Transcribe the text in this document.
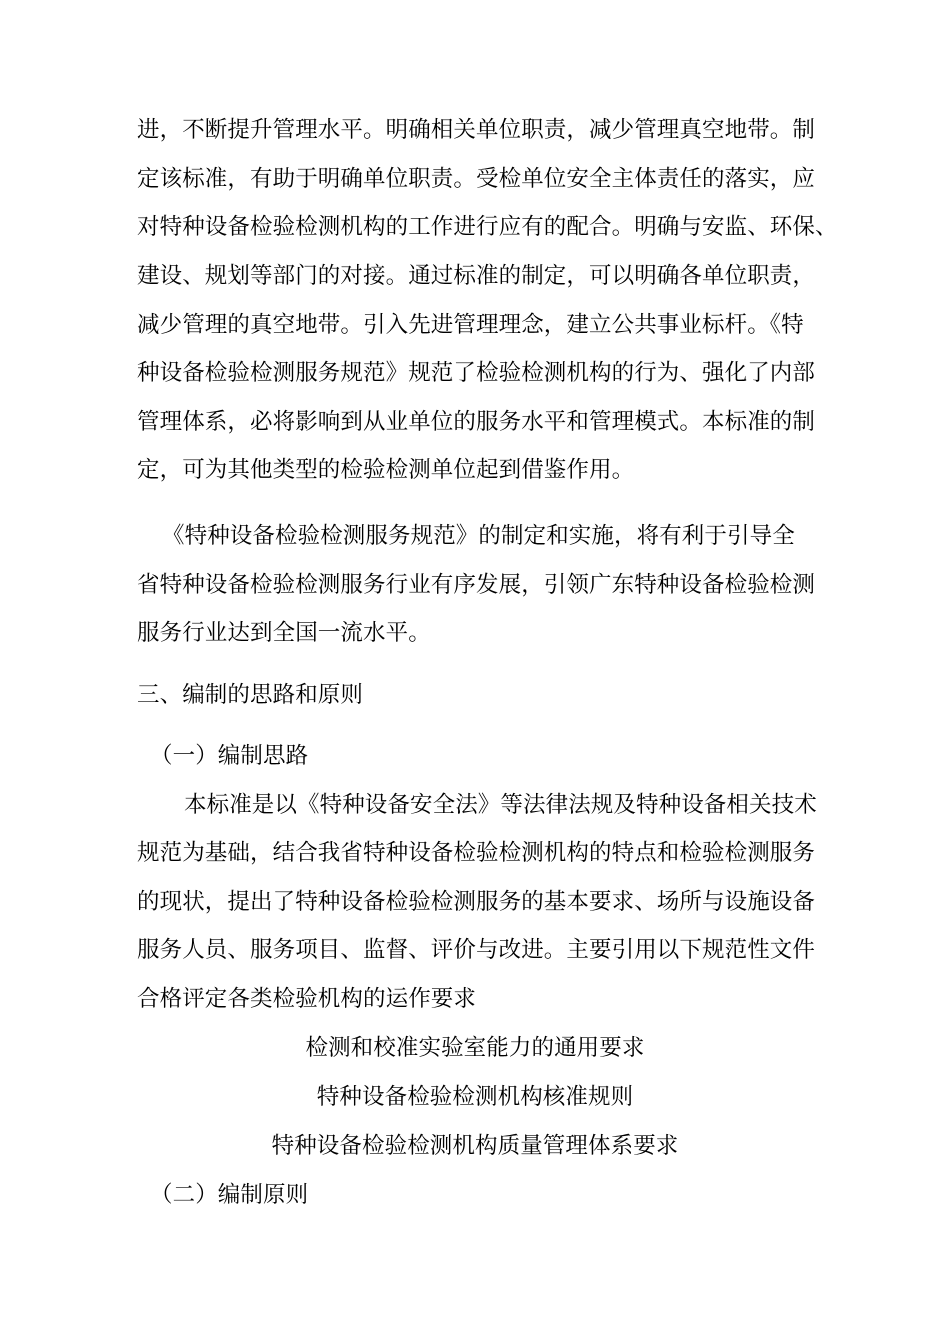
进，不断提升管理水平。明确相关单位职责，减少管理真空地带。制
定该标准，有助于明确单位职责。受检单位安全主体责任的落实，应
对特种设备检验检测机构的工作进行应有的配合。明确与安监、环保、
建设、规划等部门的对接。通过标准的制定，可以明确各单位职责，
减少管理的真空地带。引入先进管理理念，建立公共事业标杆。《特
种设备检验检测服务规范》规范了检验检测机构的行为、强化了内部
管理体系，必将影响到从业单位的服务水平和管理模式。本标准的制
定，可为其他类型的检验检测单位起到借鉴作用。
《特种设备检验检测服务规范》的制定和实施，将有利于引导全
省特种设备检验检测服务行业有序发展，引领广东特种设备检验检测
服务行业达到全国一流水平。
三、编制的思路和原则
（一）编制思路
本标准是以《特种设备安全法》等法律法规及特种设备相关技术
规范为基础，结合我省特种设备检验检测机构的特点和检验检测服务
的现状，提出了特种设备检验检测服务的基本要求、场所与设施设备
服务人员、服务项目、监督、评价与改进。主要引用以下规范性文件
合格评定各类检验机构的运作要求
检测和校准实验室能力的通用要求
特种设备检验检测机构核准规则
特种设备检验检测机构质量管理体系要求
（二）编制原则
